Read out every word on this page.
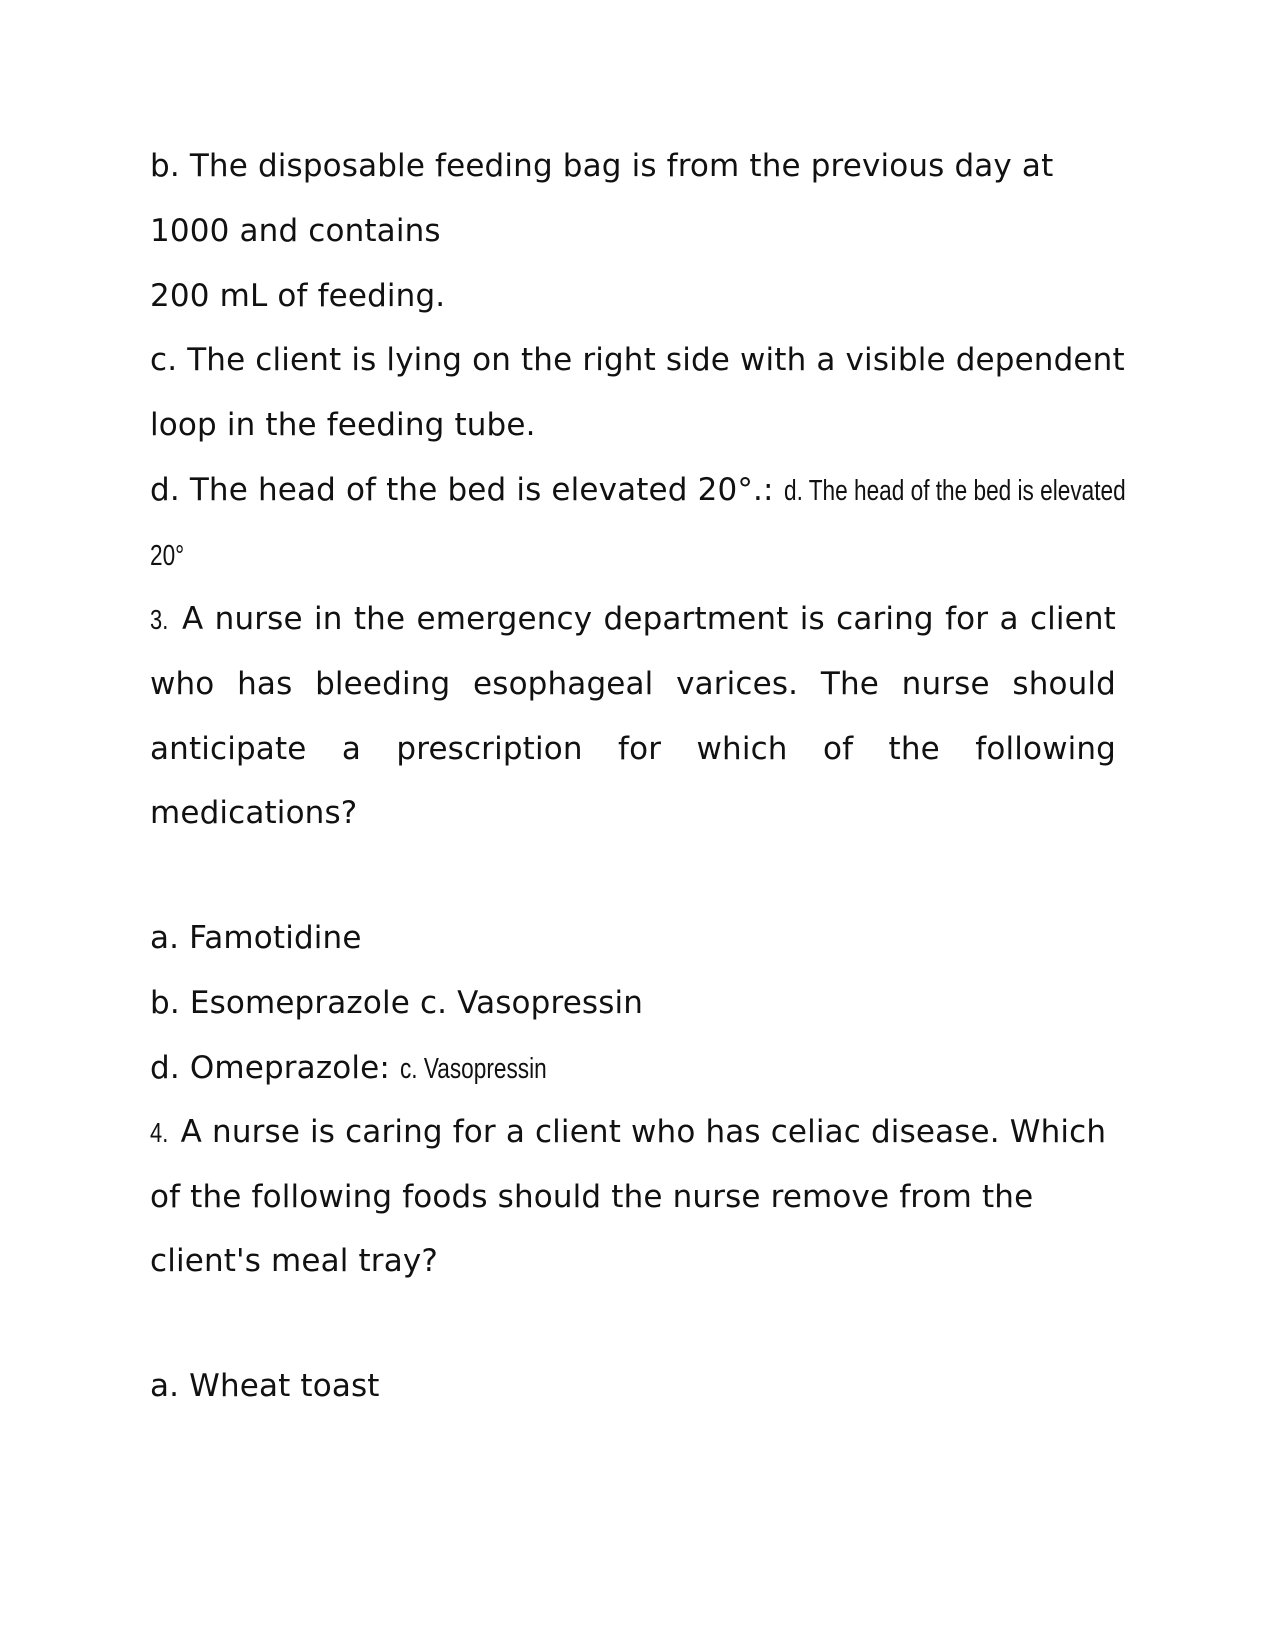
b. The disposable feeding bag is from the previous day at

1000 and contains

200 mL of feeding.

c. The client is lying on the right side with a visible dependent

loop in the feeding tube.

d. The head of the bed is elevated 20°.: d. The head of the bed is elevated

20°

3. A nurse in the emergency department is caring for a client

who has bleeding esophageal varices. The nurse should

anticipate a prescription for which of the following

medications?

a. Famotidine

b. Esomeprazole c. Vasopressin

d. Omeprazole: c. Vasopressin

4. A nurse is caring for a client who has celiac disease. Which

of the following foods should the nurse remove from the

client's meal tray?

a. Wheat toast
